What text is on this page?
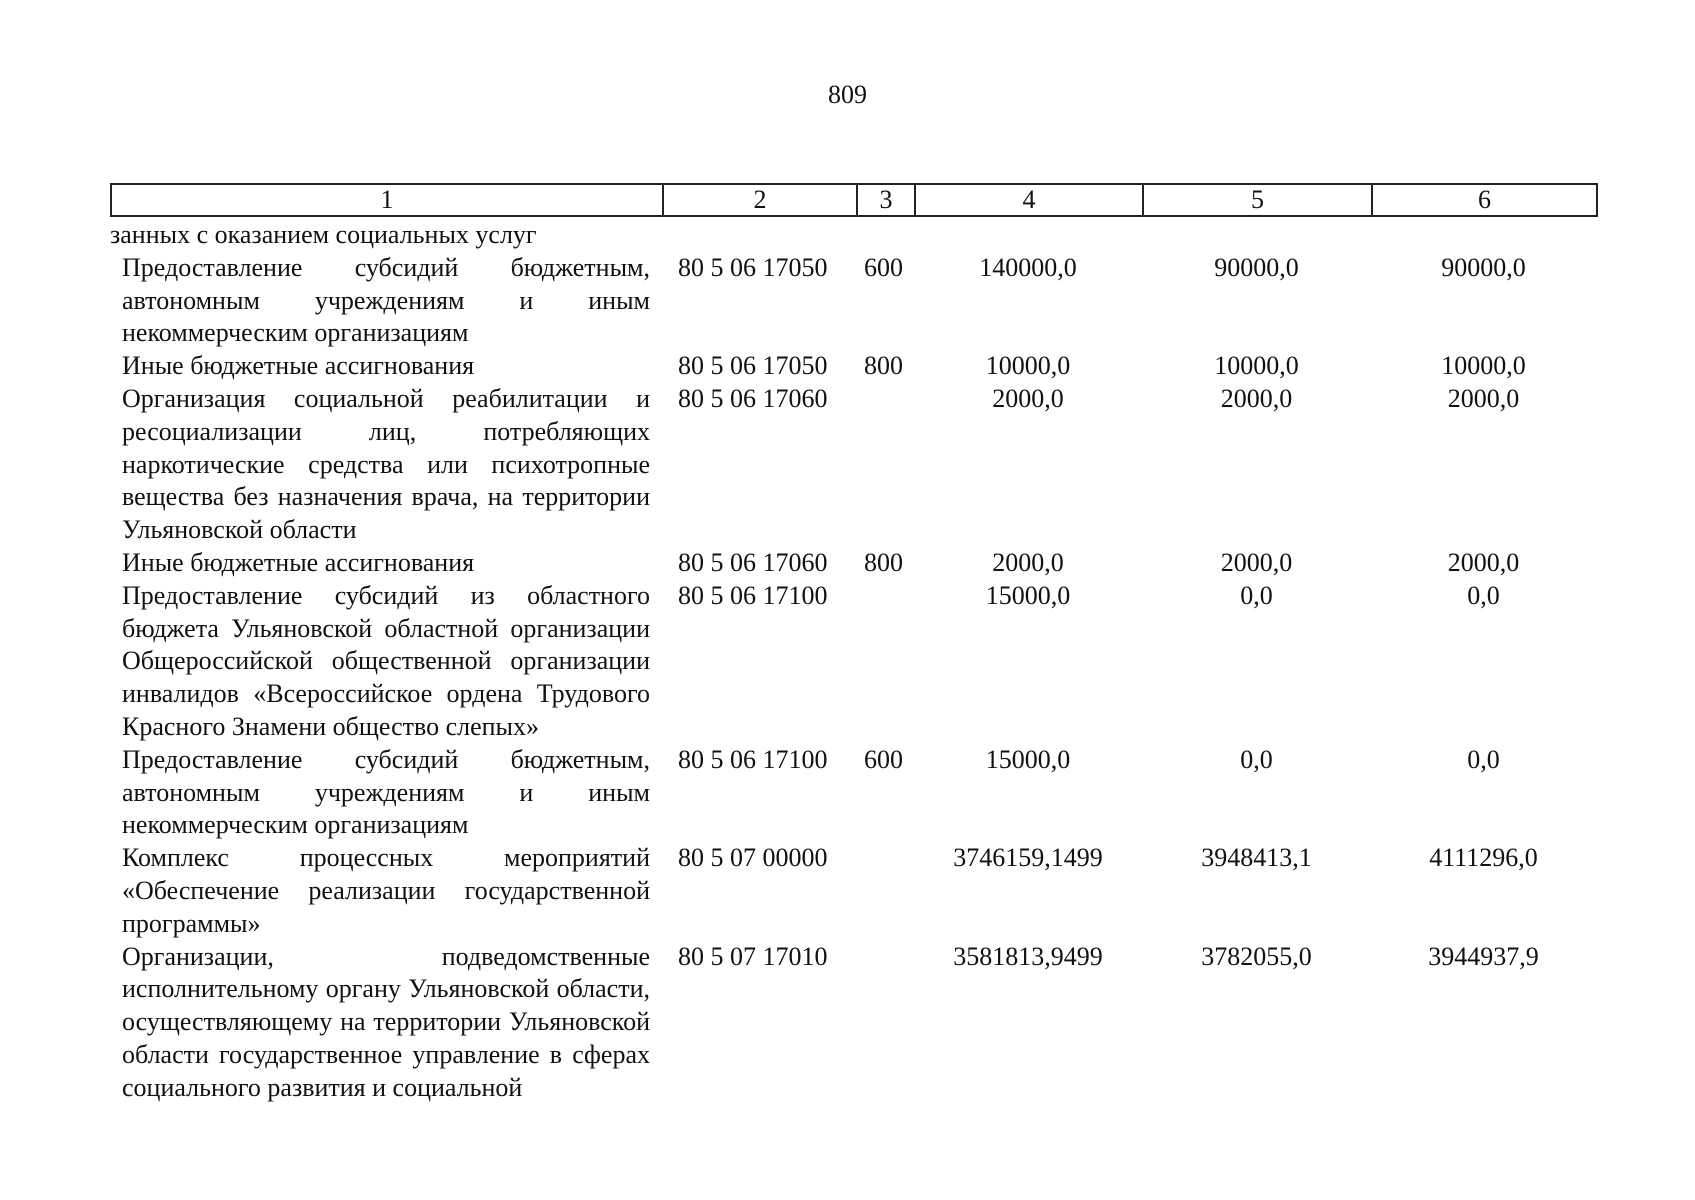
809
1	2	3	4	5	6
занных с оказанием социальных услуг					
Предоставление субсидий бюджетным, автономным учреждениям и иным некоммерческим организациям	80 5 06 17050	600	140000,0	90000,0	90000,0
Иные бюджетные ассигнования	80 5 06 17050	800	10000,0	10000,0	10000,0
Организация социальной реабилитации и ресоциализации лиц, потребляющих наркотические средства или психотропные вещества без назначения врача, на территории Ульяновской области	80 5 06 17060		2000,0	2000,0	2000,0
Иные бюджетные ассигнования	80 5 06 17060	800	2000,0	2000,0	2000,0
Предоставление субсидий из областного бюджета Ульяновской областной организации Общероссийской общественной организации инвалидов «Всероссийское ордена Трудового Красного Знамени общество слепых»	80 5 06 17100		15000,0	0,0	0,0
Предоставление субсидий бюджетным, автономным учреждениям и иным некоммерческим организациям	80 5 06 17100	600	15000,0	0,0	0,0
Комплекс процессных мероприятий «Обеспечение реализации государственной программы»	80 5 07 00000		3746159,1499	3948413,1	4111296,0
Организации, подведомственные исполнительному органу Ульяновской области, осуществляющему на территории Ульяновской области государственное управление в сферах социального развития и социальной	80 5 07 17010		3581813,9499	3782055,0	3944937,9
